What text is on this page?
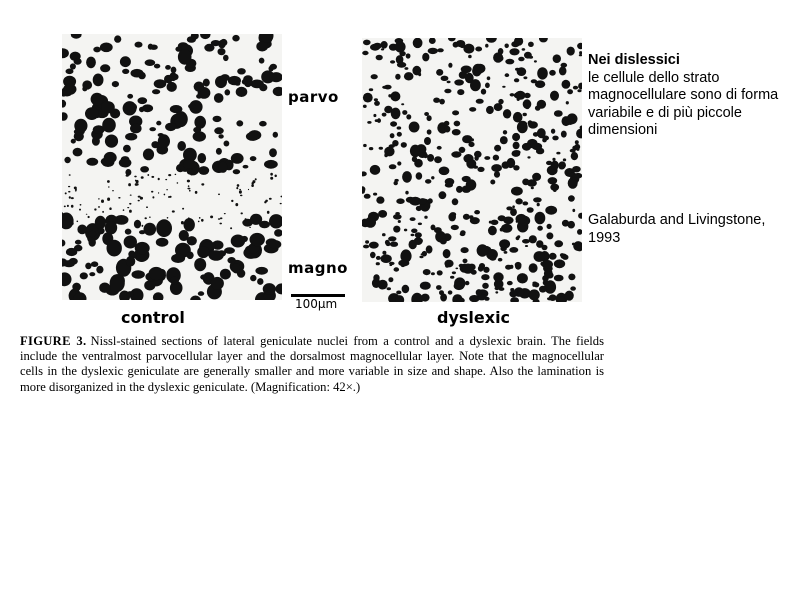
parvo
magno
100μm
control	dyslexic
FIGURE 3. Nissl-stained sections of lateral geniculate nuclei from a control and a dyslexic brain. The fields include the ventralmost parvocellular layer and the dorsalmost magnocellular layer. Note that the magnocellular cells in the dyslexic geniculate are generally smaller and more variable in size and shape. Also the lamination is more disorganized in the dyslexic geniculate. (Magnification: 42×.)
Nei dislessici
le cellule dello strato magnocellulare sono di forma variabile e di più piccole dimensioni
Galaburda and Livingstone, 1993
